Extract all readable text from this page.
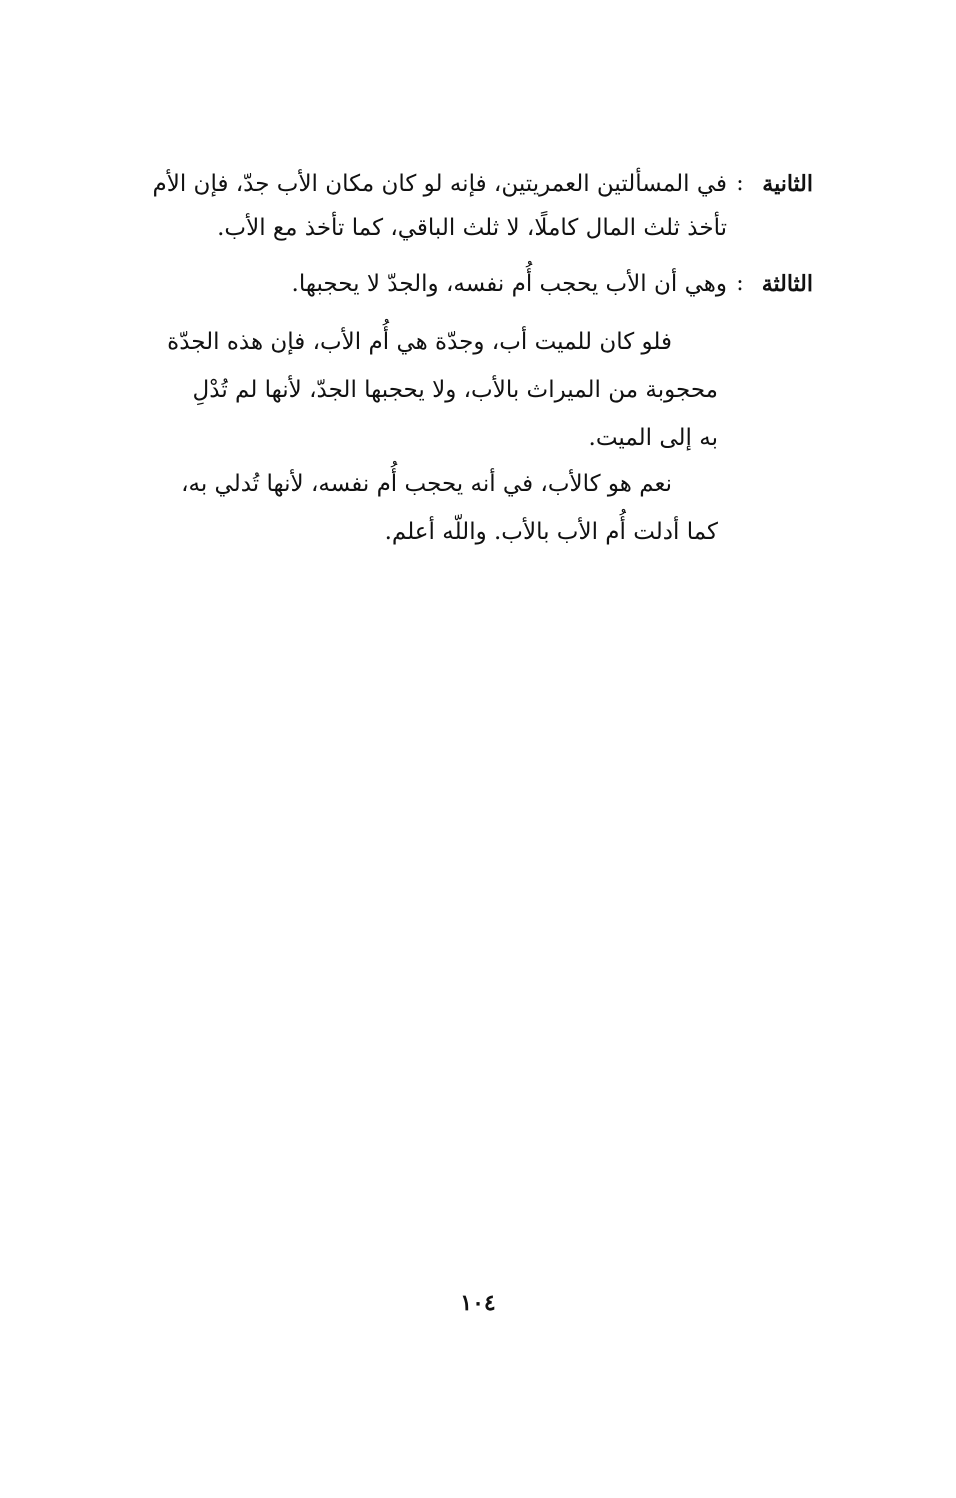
الثانية
:
في المسألتين العمريتين، فإنه لو كان مكان الأب جدّ، فإن الأم
تأخذ ثلث المال كاملًا، لا ثلث الباقي، كما تأخذ مع الأب.
الثالثة
:
وهي أن الأب يحجب أُم نفسه، والجدّ لا يحجبها.
فلو كان للميت أب، وجدّة هي أُم الأب، فإن هذه الجدّة
محجوبة من الميراث بالأب، ولا يحجبها الجدّ، لأنها لم تُدْلِ
به إلى الميت.
نعم هو كالأب، في أنه يحجب أُم نفسه، لأنها تُدلي به،
كما أدلت أُم الأب بالأب. واللّه أعلم.
١٠٤
